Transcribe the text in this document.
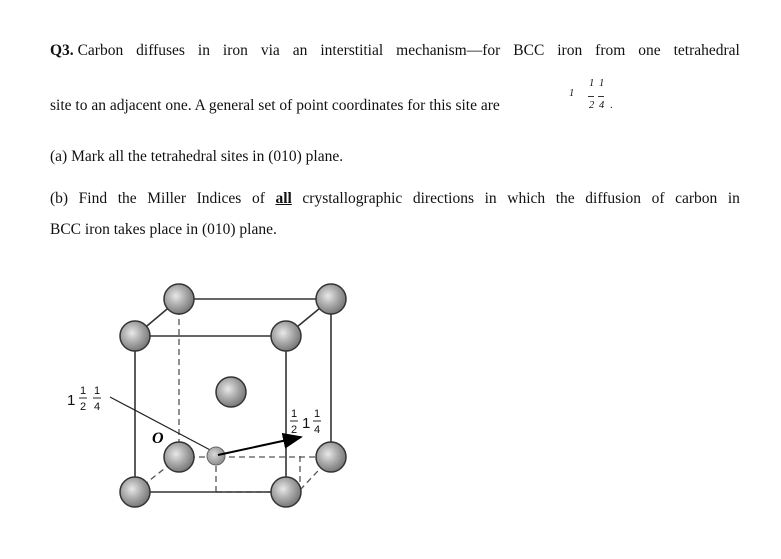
Q3. Carbon diffuses in iron via an interstitial mechanism—for BCC iron from one tetrahedral
site to an adjacent one. A general set of point coordinates for this site are
1
1 1
2 4 .
(a) Mark all the tetrahedral sites in (010) plane.
(b) Find the Miller Indices of all crystallographic directions in which the diffusion of carbon in
BCC iron takes place in (010) plane.
O
1
1
2
1
4
1
2 1
1
4
